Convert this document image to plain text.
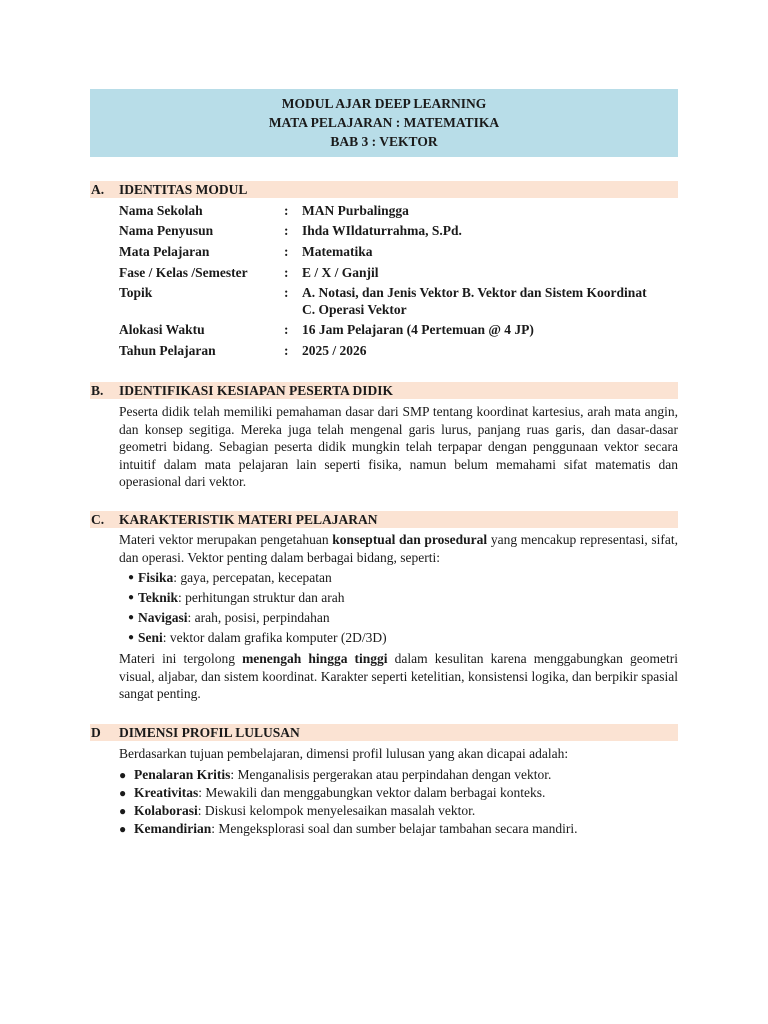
MODUL AJAR DEEP LEARNING
MATA PELAJARAN : MATEMATIKA
BAB 3 : VEKTOR
A. IDENTITAS MODUL
Nama Sekolah	: MAN Purbalingga
Nama Penyusun	: Ihda WIldaturrahma, S.Pd.
Mata Pelajaran	: Matematika
Fase / Kelas /Semester	: E / X / Ganjil
Topik	: A. Notasi, dan Jenis Vektor B. Vektor dan Sistem Koordinat C. Operasi Vektor
Alokasi Waktu	: 16 Jam Pelajaran (4 Pertemuan @ 4 JP)
Tahun Pelajaran	: 2025 / 2026
B. IDENTIFIKASI KESIAPAN PESERTA DIDIK
Peserta didik telah memiliki pemahaman dasar dari SMP tentang koordinat kartesius, arah mata angin, dan konsep segitiga. Mereka juga telah mengenal garis lurus, panjang ruas garis, dan dasar-dasar geometri bidang. Sebagian peserta didik mungkin telah terpapar dengan penggunaan vektor secara intuitif dalam mata pelajaran lain seperti fisika, namun belum memahami sifat matematis dan operasional dari vektor.
C. KARAKTERISTIK MATERI PELAJARAN
Materi vektor merupakan pengetahuan konseptual dan prosedural yang mencakup representasi, sifat, dan operasi. Vektor penting dalam berbagai bidang, seperti:
● Fisika: gaya, percepatan, kecepatan
● Teknik: perhitungan struktur dan arah
● Navigasi: arah, posisi, perpindahan
● Seni: vektor dalam grafika komputer (2D/3D)
Materi ini tergolong menengah hingga tinggi dalam kesulitan karena menggabungkan geometri visual, aljabar, dan sistem koordinat. Karakter seperti ketelitian, konsistensi logika, dan berpikir spasial sangat penting.
D DIMENSI PROFIL LULUSAN
Berdasarkan tujuan pembelajaran, dimensi profil lulusan yang akan dicapai adalah:
● Penalaran Kritis: Menganalisis pergerakan atau perpindahan dengan vektor.
● Kreativitas: Mewakili dan menggabungkan vektor dalam berbagai konteks.
● Kolaborasi: Diskusi kelompok menyelesaikan masalah vektor.
● Kemandirian: Mengeksplorasi soal dan sumber belajar tambahan secara mandiri.
